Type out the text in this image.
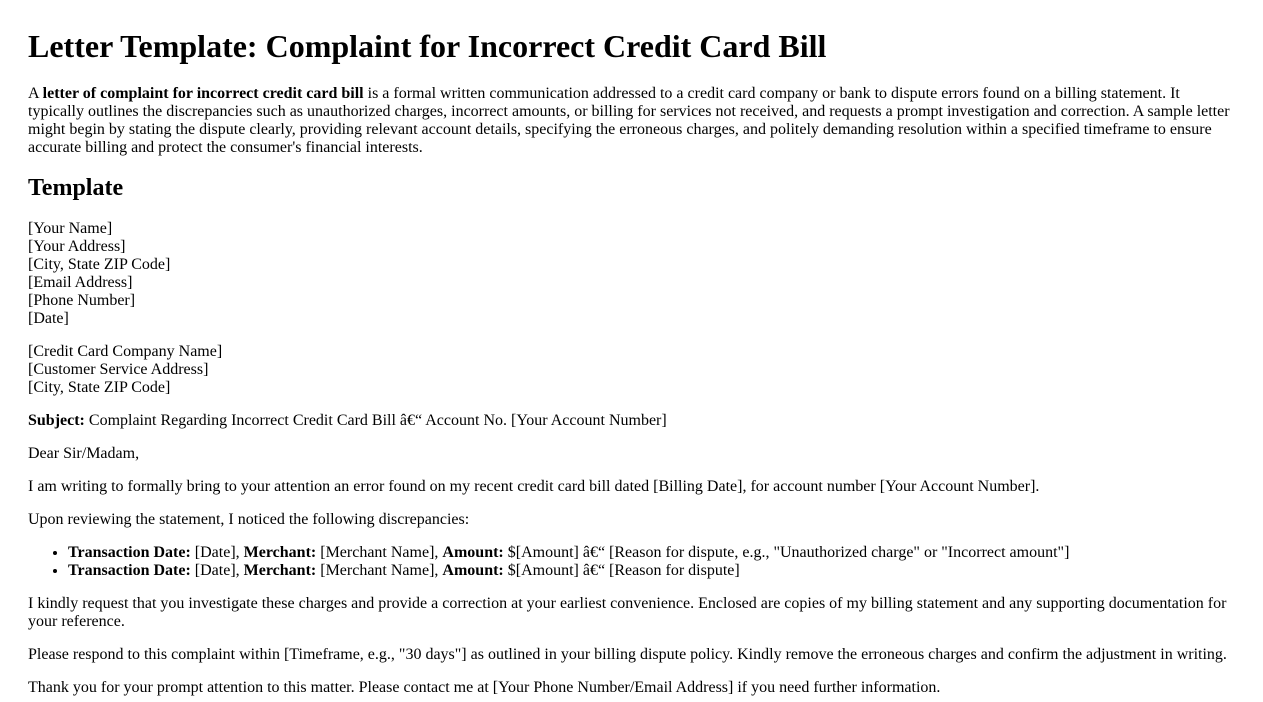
Letter Template: Complaint for Incorrect Credit Card Bill

A letter of complaint for incorrect credit card bill is a formal written communication addressed to a credit card company or bank to dispute errors found on a billing statement. It typically outlines the discrepancies such as unauthorized charges, incorrect amounts, or billing for services not received, and requests a prompt investigation and correction. A sample letter might begin by stating the dispute clearly, providing relevant account details, specifying the erroneous charges, and politely demanding resolution within a specified timeframe to ensure accurate billing and protect the consumer's financial interests.

Template

[Your Name]
[Your Address]
[City, State ZIP Code]
[Email Address]
[Phone Number]
[Date]

[Credit Card Company Name]
[Customer Service Address]
[City, State ZIP Code]

Subject: Complaint Regarding Incorrect Credit Card Bill â€“ Account No. [Your Account Number]

Dear Sir/Madam,

I am writing to formally bring to your attention an error found on my recent credit card bill dated [Billing Date], for account number [Your Account Number].

Upon reviewing the statement, I noticed the following discrepancies:

• Transaction Date: [Date], Merchant: [Merchant Name], Amount: $[Amount] â€“ [Reason for dispute, e.g., "Unauthorized charge" or "Incorrect amount"]
• Transaction Date: [Date], Merchant: [Merchant Name], Amount: $[Amount] â€“ [Reason for dispute]

I kindly request that you investigate these charges and provide a correction at your earliest convenience. Enclosed are copies of my billing statement and any supporting documentation for your reference.

Please respond to this complaint within [Timeframe, e.g., "30 days"] as outlined in your billing dispute policy. Kindly remove the erroneous charges and confirm the adjustment in writing.

Thank you for your prompt attention to this matter. Please contact me at [Your Phone Number/Email Address] if you need further information.
